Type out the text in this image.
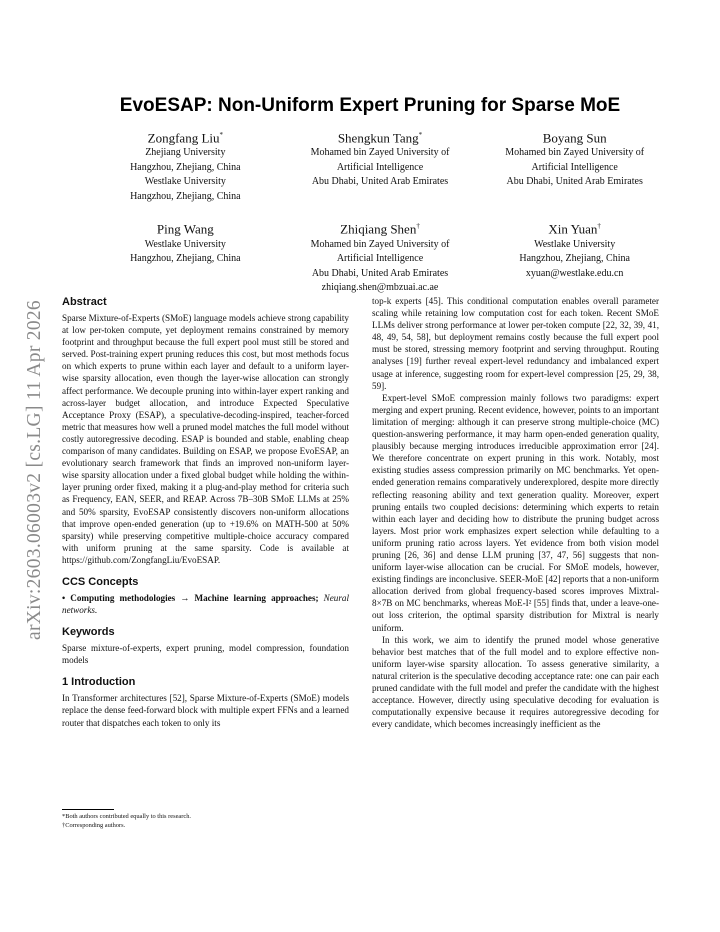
arXiv:2603.06003v2 [cs.LG] 11 Apr 2026
EvoESAP: Non-Uniform Expert Pruning for Sparse MoE
Zongfang Liu*
Zhejiang University
Hangzhou, Zhejiang, China
Westlake University
Hangzhou, Zhejiang, China
Shengkun Tang*
Mohamed bin Zayed University of
Artificial Intelligence
Abu Dhabi, United Arab Emirates
Boyang Sun
Mohamed bin Zayed University of
Artificial Intelligence
Abu Dhabi, United Arab Emirates
Ping Wang
Westlake University
Hangzhou, Zhejiang, China
Zhiqiang Shen†
Mohamed bin Zayed University of
Artificial Intelligence
Abu Dhabi, United Arab Emirates
zhiqiang.shen@mbzuai.ac.ae
Xin Yuan†
Westlake University
Hangzhou, Zhejiang, China
xyuan@westlake.edu.cn
Abstract

Sparse Mixture-of-Experts (SMoE) language models achieve strong capability at low per-token compute, yet deployment remains constrained by memory footprint and throughput because the full expert pool must still be stored and served. Post-training expert pruning reduces this cost, but most methods focus on which experts to prune within each layer and default to a uniform layer-wise sparsity allocation, even though the layer-wise allocation can strongly affect performance. We decouple pruning into within-layer expert ranking and across-layer budget allocation, and introduce Expected Speculative Acceptance Proxy (ESAP), a speculative-decoding-inspired, teacher-forced metric that measures how well a pruned model matches the full model without costly autoregressive decoding. ESAP is bounded and stable, enabling cheap comparison of many candidates. Building on ESAP, we propose EvoESAP, an evolutionary search framework that finds an improved non-uniform layer-wise sparsity allocation under a fixed global budget while holding the within-layer pruning order fixed, making it a plug-and-play method for criteria such as Frequency, EAN, SEER, and REAP. Across 7B–30B SMoE LLMs at 25% and 50% sparsity, EvoESAP consistently discovers non-uniform allocations that improve open-ended generation (up to +19.6% on MATH-500 at 50% sparsity) while preserving competitive multiple-choice accuracy compared with uniform pruning at the same sparsity. Code is available at https://github.com/ZongfangLiu/EvoESAP.

CCS Concepts

• Computing methodologies → Machine learning approaches; Neural networks.

Keywords

Sparse mixture-of-experts, expert pruning, model compression, foundation models

1 Introduction

In Transformer architectures [52], Sparse Mixture-of-Experts (SMoE) models replace the dense feed-forward block with multiple expert FFNs and a learned router that dispatches each token to only its

top-k experts [45]. This conditional computation enables overall parameter scaling while retaining low computation cost for each token. Recent SMoE LLMs deliver strong performance at lower per-token compute [22, 32, 39, 41, 48, 49, 54, 58], but deployment remains costly because the full expert pool must be stored, stressing memory footprint and serving throughput. Routing analyses [19] further reveal expert-level redundancy and imbalanced expert usage at inference, suggesting room for expert-level compression [25, 29, 38, 59].

Expert-level SMoE compression mainly follows two paradigms: expert merging and expert pruning. Recent evidence, however, points to an important limitation of merging: although it can preserve strong multiple-choice (MC) question-answering performance, it may harm open-ended generation quality, plausibly because merging introduces irreducible approximation error [24]. We therefore concentrate on expert pruning in this work. Notably, most existing studies assess compression primarily on MC benchmarks. Yet open-ended generation remains comparatively underexplored, despite more directly reflecting reasoning ability and text generation quality. Moreover, expert pruning entails two coupled decisions: determining which experts to retain within each layer and deciding how to distribute the pruning budget across layers. Most prior work emphasizes expert selection while defaulting to a uniform pruning ratio across layers. Yet evidence from both vision model pruning [26, 36] and dense LLM pruning [37, 47, 56] suggests that non-uniform layer-wise allocation can be crucial. For SMoE models, however, existing findings are inconclusive. SEER-MoE [42] reports that a non-uniform allocation derived from global frequency-based scores improves Mixtral-8×7B on MC benchmarks, whereas MoE-I² [55] finds that, under a leave-one-out loss criterion, the optimal sparsity distribution for Mixtral is nearly uniform.

In this work, we aim to identify the pruned model whose generative behavior best matches that of the full model and to explore effective non-uniform layer-wise sparsity allocation. To assess generative similarity, a natural criterion is the speculative decoding acceptance rate: one can pair each pruned candidate with the full model and prefer the candidate with the highest acceptance. However, directly using speculative decoding for evaluation is computationally expensive because it requires autoregressive decoding for every candidate, which becomes increasingly inefficient as the

*Both authors contributed equally to this research.
†Corresponding authors.
